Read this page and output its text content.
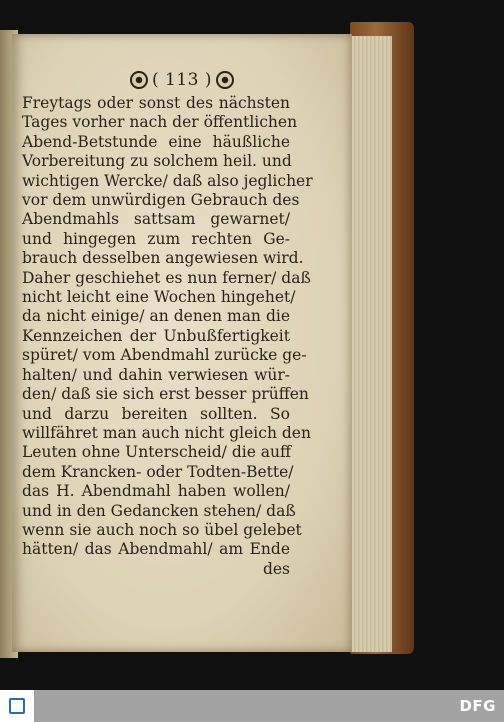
( 113 )
Freytags oder sonst des nächsten
Tages vorher nach der öffentlichen
Abend-Betstunde eine häußliche
Vorbereitung zu solchem heil. und
wichtigen Wercke/ daß also jeglicher
vor dem unwürdigen Gebrauch des
Abendmahls sattsam gewarnet/
und hingegen zum rechten Ge-
brauch desselben angewiesen wird.
Daher geschiehet es nun ferner/ daß
nicht leicht eine Wochen hingehet/
da nicht einige/ an denen man die
Kennzeichen der Unbußfertigkeit
spüret/ vom Abendmahl zurücke ge-
halten/ und dahin verwiesen wür-
den/ daß sie sich erst besser prüffen
und darzu bereiten sollten. So
willfähret man auch nicht gleich den
Leuten ohne Unterscheid/ die auff
dem Krancken- oder Todten-Bette/
das H. Abendmahl haben wollen/
und in den Gedancken stehen/ daß
wenn sie auch noch so übel gelebet
hätten/ das Abendmahl/ am Ende
des
DFG
